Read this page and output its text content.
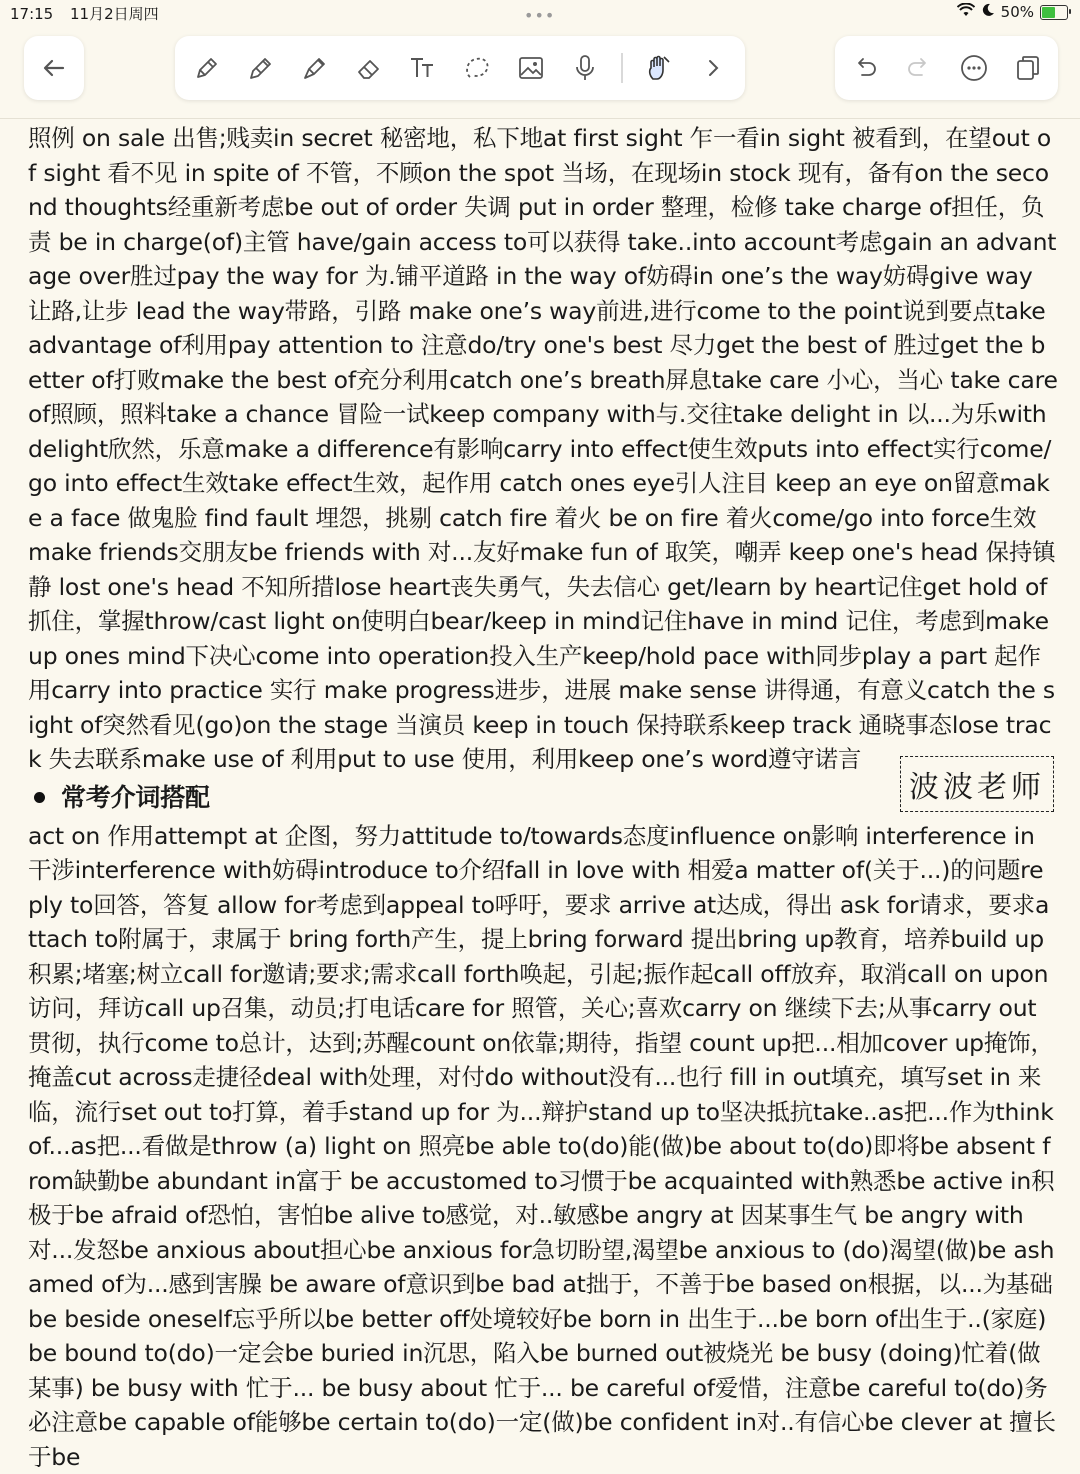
17:15 11月2日周四	•••	50%
照例 on sale 出售;贱卖in secret 秘密地，私下地at first sight 乍一看in sight 被看到，在望out of sight 看不见 in spite of 不管，不顾on the spot 当场，在现场in stock 现有，备有on the second thoughts经重新考虑be out of order 失调 put in order 整理，检修 take charge of担任，负责 be in charge(of)主管 have/gain access to可以获得 take..into account考虑gain an advantage over胜过pay the way for 为.铺平道路 in the way of妨碍in one’s the way妨碍give way 让路,让步 lead the way带路，引路 make one’s way前进,进行come to the point说到要点take advantage of利用pay attention to 注意do/try one's best 尽力get the best of 胜过get the better of打败make the best of充分利用catch one’s breath屏息take care 小心，当心 take care of照顾，照料take a chance 冒险一试keep company with与.交往take delight in 以...为乐with delight欣然，乐意make a difference有影响carry into effect使生效puts into effect实行come/go into effect生效take effect生效，起作用 catch ones eye引人注目 keep an eye on留意make a face 做鬼脸 find fault 埋怨，挑剔 catch fire 着火 be on fire 着火come/go into force生效make friends交朋友be friends with 对...友好make fun of 取笑，嘲弄 keep one's head 保持镇静 lost one's head 不知所措lose heart丧失勇气，失去信心 get/learn by heart记住get hold of抓住，掌握throw/cast light on使明白bear/keep in mind记住have in mind 记住，考虑到make up ones mind下决心come into operation投入生产keep/hold pace with同步play a part 起作用carry into practice 实行 make progress进步，进展 make sense 讲得通，有意义catch the sight of突然看见(go)on the stage 当演员 keep in touch 保持联系keep track 通晓事态lose track 失去联系make use of 利用put to use 使用，利用keep one’s word遵守诺言
常考介词搭配
act on 作用attempt at 企图，努力attitude to/towards态度influence on影响 interference in 干涉interference with妨碍introduce to介绍fall in love with 相爱a matter of(关于...)的问题reply to回答，答复 allow for考虑到appeal to呼吁，要求 arrive at达成，得出 ask for请求，要求attach to附属于，隶属于 bring forth产生，提上bring forward 提出bring up教育，培养build up积累;堵塞;树立call for邀请;要求;需求call forth唤起，引起;振作起call off放弃，取消call on upon访问，拜访call up召集，动员;打电话care for 照管，关心;喜欢carry on 继续下去;从事carry out 贯彻，执行come to总计，达到;苏醒count on依靠;期待，指望 count up把...相加cover up掩饰，掩盖cut across走捷径deal with处理，对付do without没有...也行 fill in out填充，填写set in 来临，流行set out to打算，着手stand up for 为...辩护stand up to坚决抵抗take..as把...作为think of...as把...看做是throw (a) light on 照亮be able to(do)能(做)be about to(do)即将be absent from缺勤be abundant in富于 be accustomed to习惯于be acquainted with熟悉be active in积极于be afraid of恐怕，害怕be alive to感觉，对..敏感be angry at 因某事生气 be angry with 对...发怒be anxious about担心be anxious for急切盼望,渴望be anxious to (do)渴望(做)be ashamed of为...感到害臊 be aware of意识到be bad at拙于，不善于be based on根据，以...为基础 be beside oneself忘乎所以be better off处境较好be born in 出生于...be born of出生于..(家庭) be bound to(do)一定会be buried in沉思，陷入be burned out被烧光 be busy (doing)忙着(做某事) be busy with 忙于... be busy about 忙于... be careful of爱惜，注意be careful to(do)务必注意be capable of能够be certain to(do)一定(做)be confident in对..有信心be clever at 擅长于be
波波老师
